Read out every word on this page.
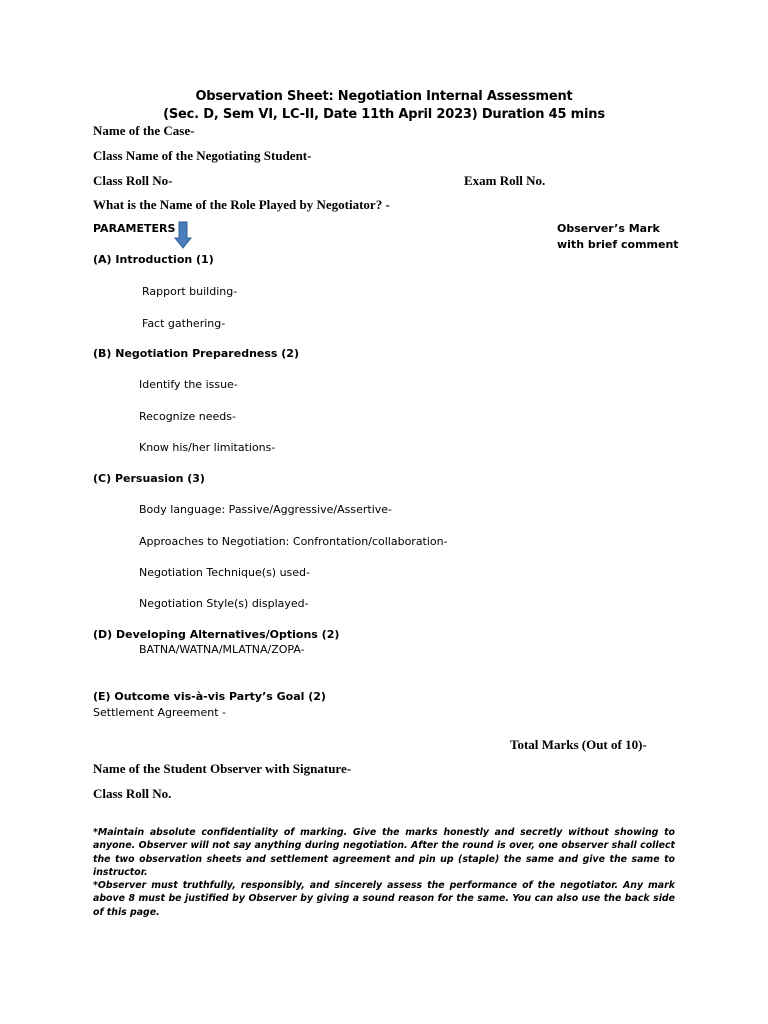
Observation Sheet: Negotiation Internal Assessment
(Sec. D, Sem VI, LC-II, Date 11th April 2023) Duration 45 mins
Name of the Case-
Class Name of the Negotiating Student-
Class Roll No-	Exam Roll No.
What is the Name of the Role Played by Negotiator? -
PARAMETERS	Observer’s Mark
with brief comment
(A) Introduction (1)
Rapport building-
Fact gathering-
(B) Negotiation Preparedness (2)
Identify the issue-
Recognize needs-
Know his/her limitations-
(C) Persuasion (3)
Body language: Passive/Aggressive/Assertive-
Approaches to Negotiation: Confrontation/collaboration-
Negotiation Technique(s) used-
Negotiation Style(s) displayed-
(D) Developing Alternatives/Options (2)
BATNA/WATNA/MLATNA/ZOPA-
(E) Outcome vis-à-vis Party’s Goal (2)
Settlement Agreement -
Total Marks (Out of 10)-
Name of the Student Observer with Signature-
Class Roll No.

*Maintain absolute confidentiality of marking. Give the marks honestly and secretly without showing to anyone. Observer will not say anything during negotiation. After the round is over, one observer shall collect the two observation sheets and settlement agreement and pin up (staple) the same and give the same to instructor.

*Observer must truthfully, responsibly, and sincerely assess the performance of the negotiator. Any mark above 8 must be justified by Observer by giving a sound reason for the same. You can also use the back side of this page.
